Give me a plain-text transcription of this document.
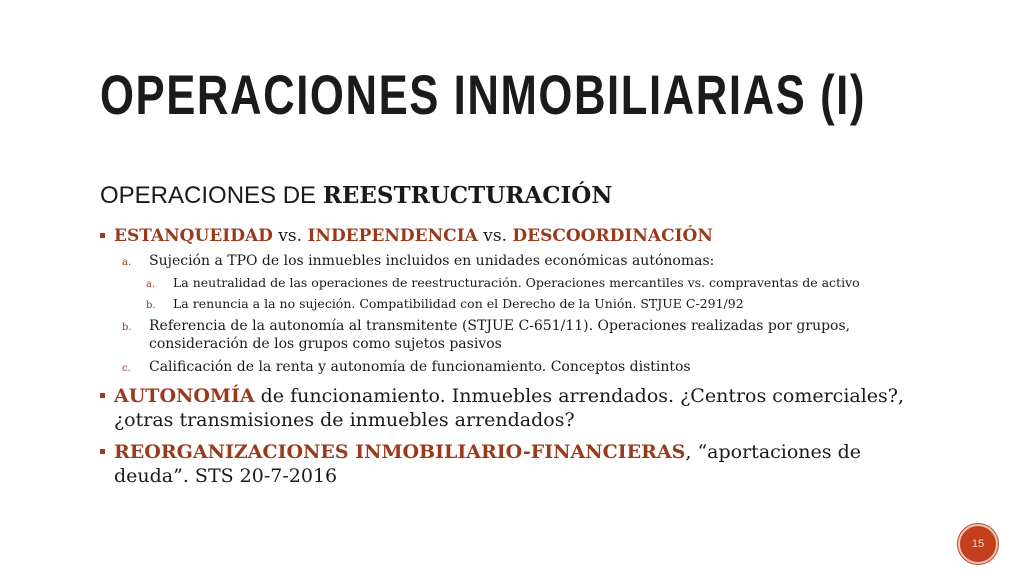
OPERACIONES INMOBILIARIAS (I)
OPERACIONES DE REESTRUCTURACIÓN
ESTANQUEIDAD vs. INDEPENDENCIA vs. DESCOORDINACIÓN
a. Sujeción a TPO de los inmuebles incluidos en unidades económicas autónomas:
a. La neutralidad de las operaciones de reestructuración. Operaciones mercantiles vs. compraventas de activo
b. La renuncia a la no sujeción. Compatibilidad con el Derecho de la Unión. STJUE C-291/92
b. Referencia de la autonomía al transmitente (STJUE C-651/11). Operaciones realizadas por grupos, consideración de los grupos como sujetos pasivos
c. Calificación de la renta y autonomía de funcionamiento. Conceptos distintos
AUTONOMÍA de funcionamiento. Inmuebles arrendados. ¿Centros comerciales?, ¿otras transmisiones de inmuebles arrendados?
REORGANIZACIONES INMOBILIARIO-FINANCIERAS, “aportaciones de deuda”. STS 20-7-2016
15
